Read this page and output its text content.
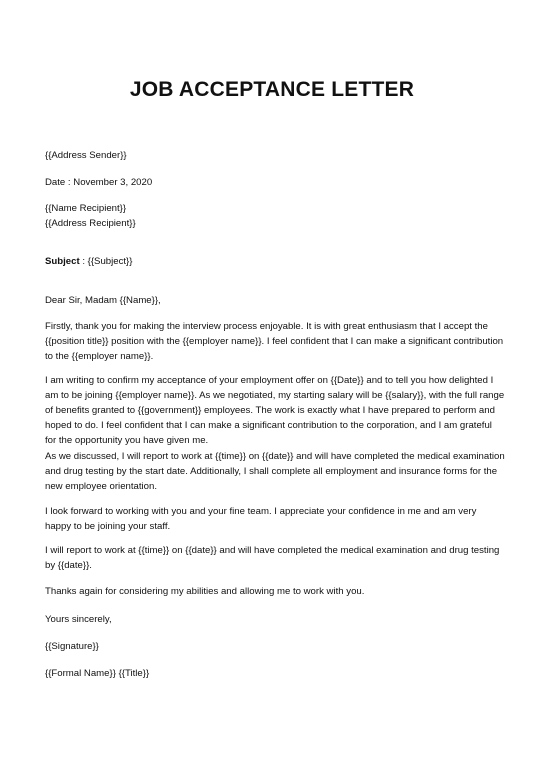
JOB ACCEPTANCE LETTER

{{Address Sender}}

Date : November 3, 2020

{{Name Recipient}}

{{Address Recipient}}

Subject : {{Subject}}

Dear Sir, Madam {{Name}},

Firstly, thank you for making the interview process enjoyable. It is with great enthusiasm that I accept the {{position title}} position with the {{employer name}}. I feel confident that I can make a significant contribution to the {{employer name}}.

I am writing to confirm my acceptance of your employment offer on {{Date}} and to tell you how delighted I am to be joining {{employer name}}. As we negotiated, my starting salary will be {{salary}}, with the full range of benefits granted to {{government}} employees. The work is exactly what I have prepared to perform and hoped to do. I feel confident that I can make a significant contribution to the corporation, and I am grateful for the opportunity you have given me.

As we discussed, I will report to work at {{time}} on {{date}} and will have completed the medical examination and drug testing by the start date. Additionally, I shall complete all employment and insurance forms for the new employee orientation.

I look forward to working with you and your fine team. I appreciate your confidence in me and am very happy to be joining your staff.

I will report to work at {{time}} on {{date}} and will have completed the medical examination and drug testing by {{date}}.

Thanks again for considering my abilities and allowing me to work with you.

Yours sincerely,

{{Signature}}

{{Formal Name}} {{Title}}
